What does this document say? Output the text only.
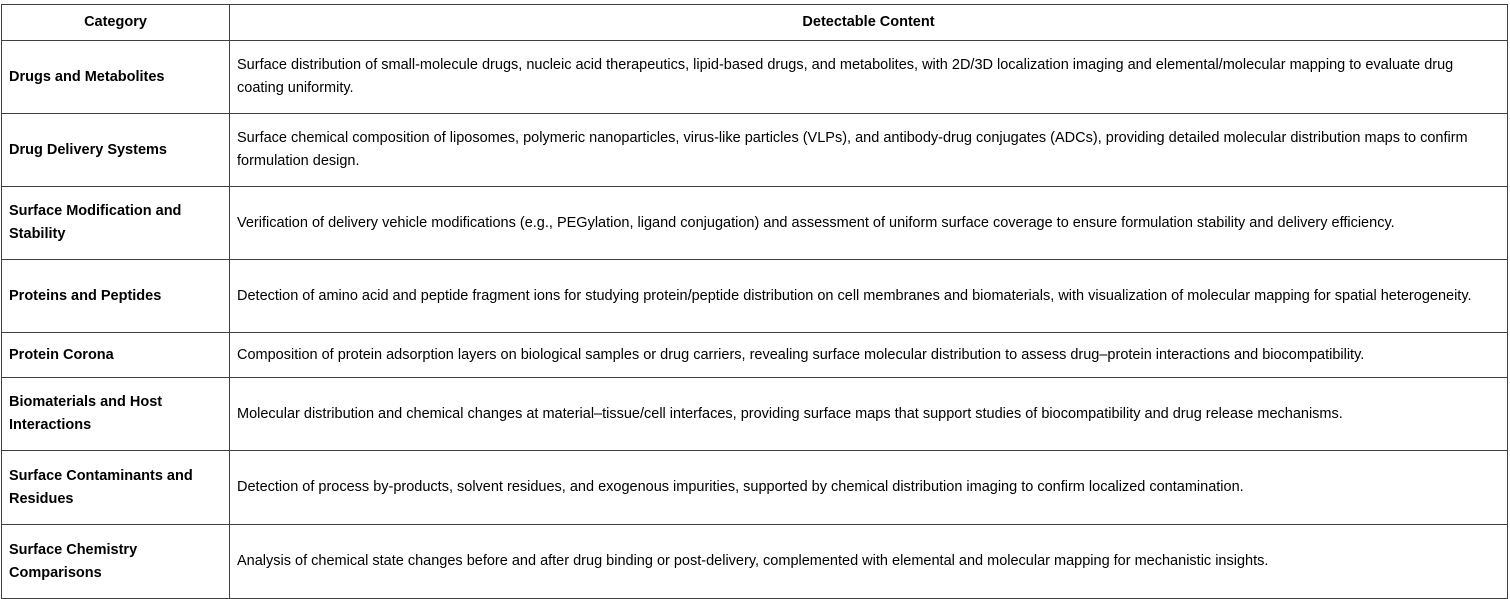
Category	Detectable Content
Drugs and Metabolites	Surface distribution of small-molecule drugs, nucleic acid therapeutics, lipid-based drugs, and metabolites, with 2D/3D localization imaging and elemental/molecular mapping to evaluate drug coating uniformity.
Drug Delivery Systems	Surface chemical composition of liposomes, polymeric nanoparticles, virus-like particles (VLPs), and antibody-drug conjugates (ADCs), providing detailed molecular distribution maps to confirm formulation design.
Surface Modification and Stability	Verification of delivery vehicle modifications (e.g., PEGylation, ligand conjugation) and assessment of uniform surface coverage to ensure formulation stability and delivery efficiency.
Proteins and Peptides	Detection of amino acid and peptide fragment ions for studying protein/peptide distribution on cell membranes and biomaterials, with visualization of molecular mapping for spatial heterogeneity.
Protein Corona	Composition of protein adsorption layers on biological samples or drug carriers, revealing surface molecular distribution to assess drug–protein interactions and biocompatibility.
Biomaterials and Host Interactions	Molecular distribution and chemical changes at material–tissue/cell interfaces, providing surface maps that support studies of biocompatibility and drug release mechanisms.
Surface Contaminants and Residues	Detection of process by-products, solvent residues, and exogenous impurities, supported by chemical distribution imaging to confirm localized contamination.
Surface Chemistry Comparisons	Analysis of chemical state changes before and after drug binding or post-delivery, complemented with elemental and molecular mapping for mechanistic insights.
